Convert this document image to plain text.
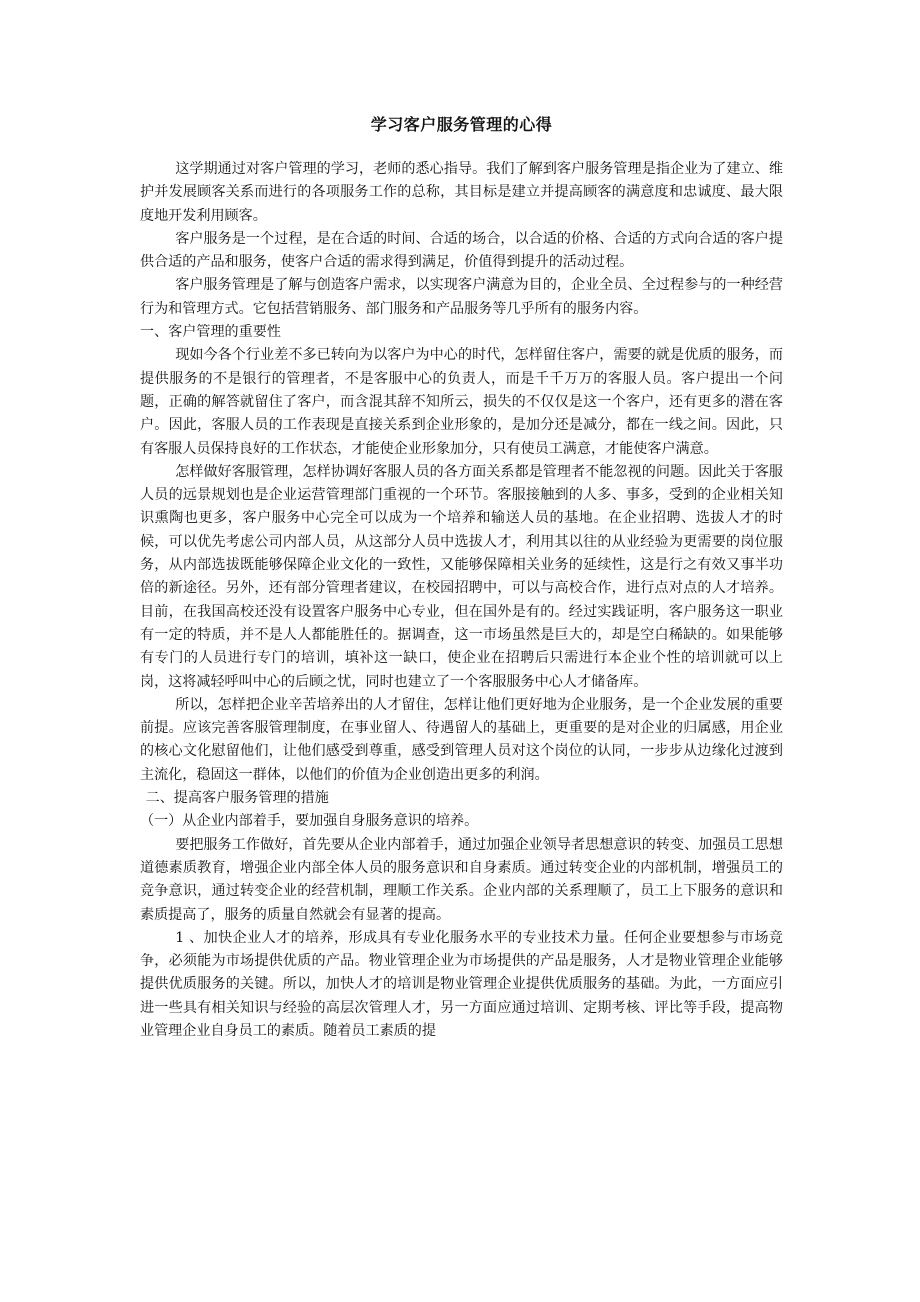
学习客户服务管理的心得

这学期通过对客户管理的学习，老师的悉心指导。我们了解到客户服务管理是指企业为了建立、维护并发展顾客关系而进行的各项服务工作的总称，其目标是建立并提高顾客的满意度和忠诚度、最大限度地开发利用顾客。

客户服务是一个过程，是在合适的时间、合适的场合，以合适的价格、合适的方式向合适的客户提供合适的产品和服务，使客户合适的需求得到满足，价值得到提升的活动过程。

客户服务管理是了解与创造客户需求，以实现客户满意为目的，企业全员、全过程参与的一种经营行为和管理方式。它包括营销服务、部门服务和产品服务等几乎所有的服务内容。

一、客户管理的重要性

现如今各个行业差不多已转向为以客户为中心的时代，怎样留住客户，需要的就是优质的服务，而提供服务的不是银行的管理者，不是客服中心的负责人，而是千千万万的客服人员。客户提出一个问题，正确的解答就留住了客户，而含混其辞不知所云，损失的不仅仅是这一个客户，还有更多的潜在客户。因此，客服人员的工作表现是直接关系到企业形象的，是加分还是减分，都在一线之间。因此，只有客服人员保持良好的工作状态，才能使企业形象加分，只有使员工满意，才能使客户满意。

怎样做好客服管理，怎样协调好客服人员的各方面关系都是管理者不能忽视的问题。因此关于客服人员的远景规划也是企业运营管理部门重视的一个环节。客服接触到的人多、事多，受到的企业相关知识熏陶也更多，客户服务中心完全可以成为一个培养和输送人员的基地。在企业招聘、选拔人才的时候，可以优先考虑公司内部人员，从这部分人员中选拔人才，利用其以往的从业经验为更需要的岗位服务，从内部选拔既能够保障企业文化的一致性，又能够保障相关业务的延续性，这是行之有效又事半功倍的新途径。另外，还有部分管理者建议，在校园招聘中，可以与高校合作，进行点对点的人才培养。目前，在我国高校还没有设置客户服务中心专业，但在国外是有的。经过实践证明，客户服务这一职业有一定的特质，并不是人人都能胜任的。据调查，这一市场虽然是巨大的，却是空白稀缺的。如果能够有专门的人员进行专门的培训，填补这一缺口，使企业在招聘后只需进行本企业个性的培训就可以上岗，这将减轻呼叫中心的后顾之忧，同时也建立了一个客服服务中心人才储备库。

所以，怎样把企业辛苦培养出的人才留住，怎样让他们更好地为企业服务，是一个企业发展的重要前提。应该完善客服管理制度，在事业留人、待遇留人的基础上，更重要的是对企业的归属感，用企业的核心文化慰留他们，让他们感受到尊重，感受到管理人员对这个岗位的认同，一步步从边缘化过渡到主流化，稳固这一群体，以他们的价值为企业创造出更多的利润。

二、提高客户服务管理的措施

（一）从企业内部着手，要加强自身服务意识的培养。

要把服务工作做好，首先要从企业内部着手，通过加强企业领导者思想意识的转变、加强员工思想道德素质教育，增强企业内部全体人员的服务意识和自身素质。通过转变企业的内部机制，增强员工的竞争意识，通过转变企业的经营机制，理顺工作关系。企业内部的关系理顺了，员工上下服务的意识和素质提高了，服务的质量自然就会有显著的提高。

1 、加快企业人才的培养，形成具有专业化服务水平的专业技术力量。任何企业要想参与市场竞争，必须能为市场提供优质的产品。物业管理企业为市场提供的产品是服务，人才是物业管理企业能够提供优质服务的关键。所以，加快人才的培训是物业管理企业提供优质服务的基础。为此，一方面应引进一些具有相关知识与经验的高层次管理人才，另一方面应通过培训、定期考核、评比等手段，提高物业管理企业自身员工的素质。随着员工素质的提
